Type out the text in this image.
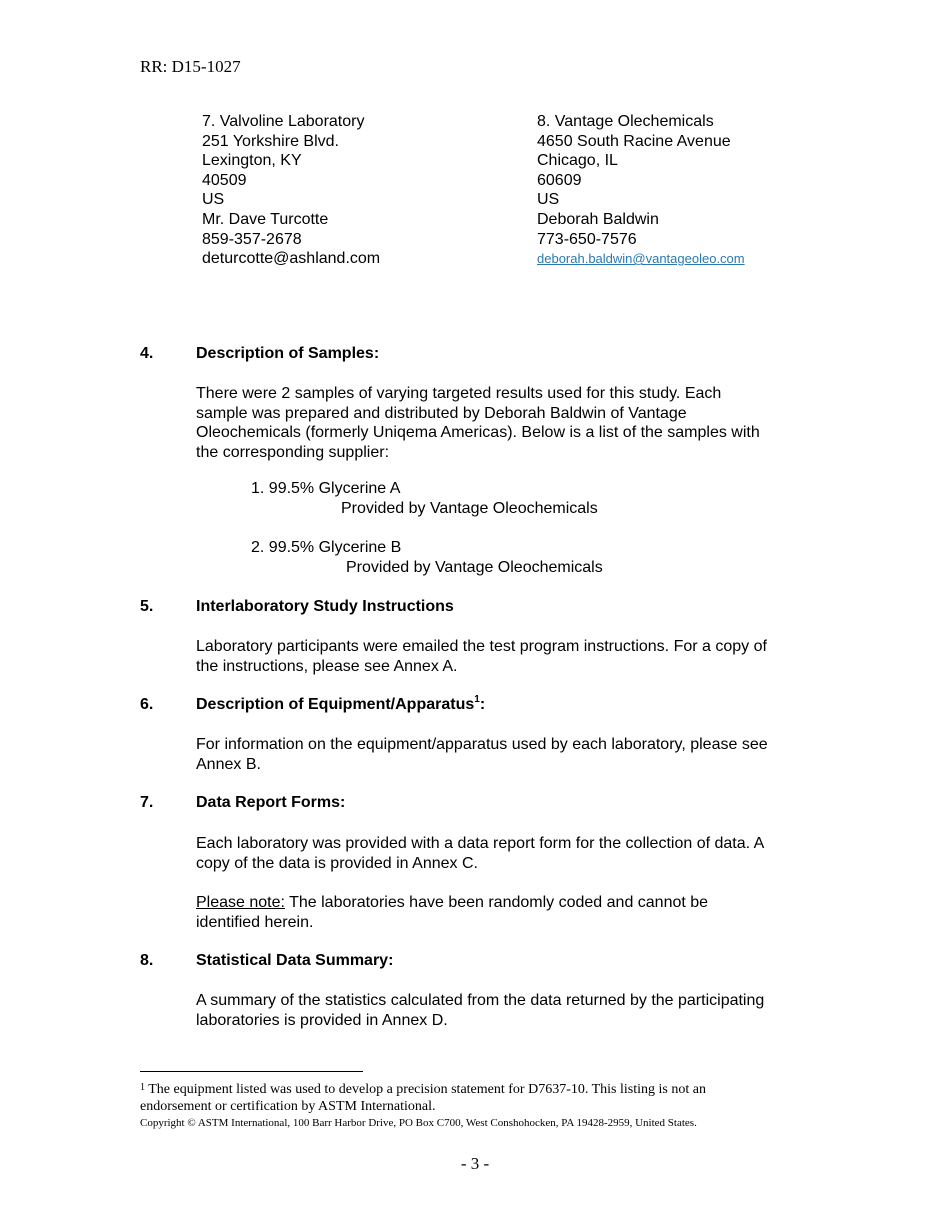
RR: D15-1027
7. Valvoline Laboratory
251 Yorkshire Blvd.
Lexington, KY
40509
US
Mr. Dave Turcotte
859-357-2678
deturcotte@ashland.com
8. Vantage Olechemicals
4650 South Racine Avenue
Chicago, IL
60609
US
Deborah Baldwin
773-650-7576
deborah.baldwin@vantageoleo.com
4.	Description of Samples:
There were 2 samples of varying targeted results used for this study. Each
sample was prepared and distributed by Deborah Baldwin of Vantage
Oleochemicals (formerly Uniqema Americas). Below is a list of the samples with
the corresponding supplier:
1. 99.5% Glycerine A
Provided by Vantage Oleochemicals
2. 99.5% Glycerine B
Provided by Vantage Oleochemicals
5.	Interlaboratory Study Instructions
Laboratory participants were emailed the test program instructions. For a copy of
the instructions, please see Annex A.
6.	Description of Equipment/Apparatus$^1$:
For information on the equipment/apparatus used by each laboratory, please see
Annex B.
7.	Data Report Forms:
Each laboratory was provided with a data report form for the collection of data. A
copy of the data is provided in Annex C.
Please note: The laboratories have been randomly coded and cannot be
identified herein.
8.	Statistical Data Summary:
A summary of the statistics calculated from the data returned by the participating
laboratories is provided in Annex D.
$^1$ The equipment listed was used to develop a precision statement for D7637-10. This listing is not an
endorsement or certification by ASTM International.
Copyright © ASTM International, 100 Barr Harbor Drive, PO Box C700, West Conshohocken, PA 19428-2959, United States.
- 3 -
